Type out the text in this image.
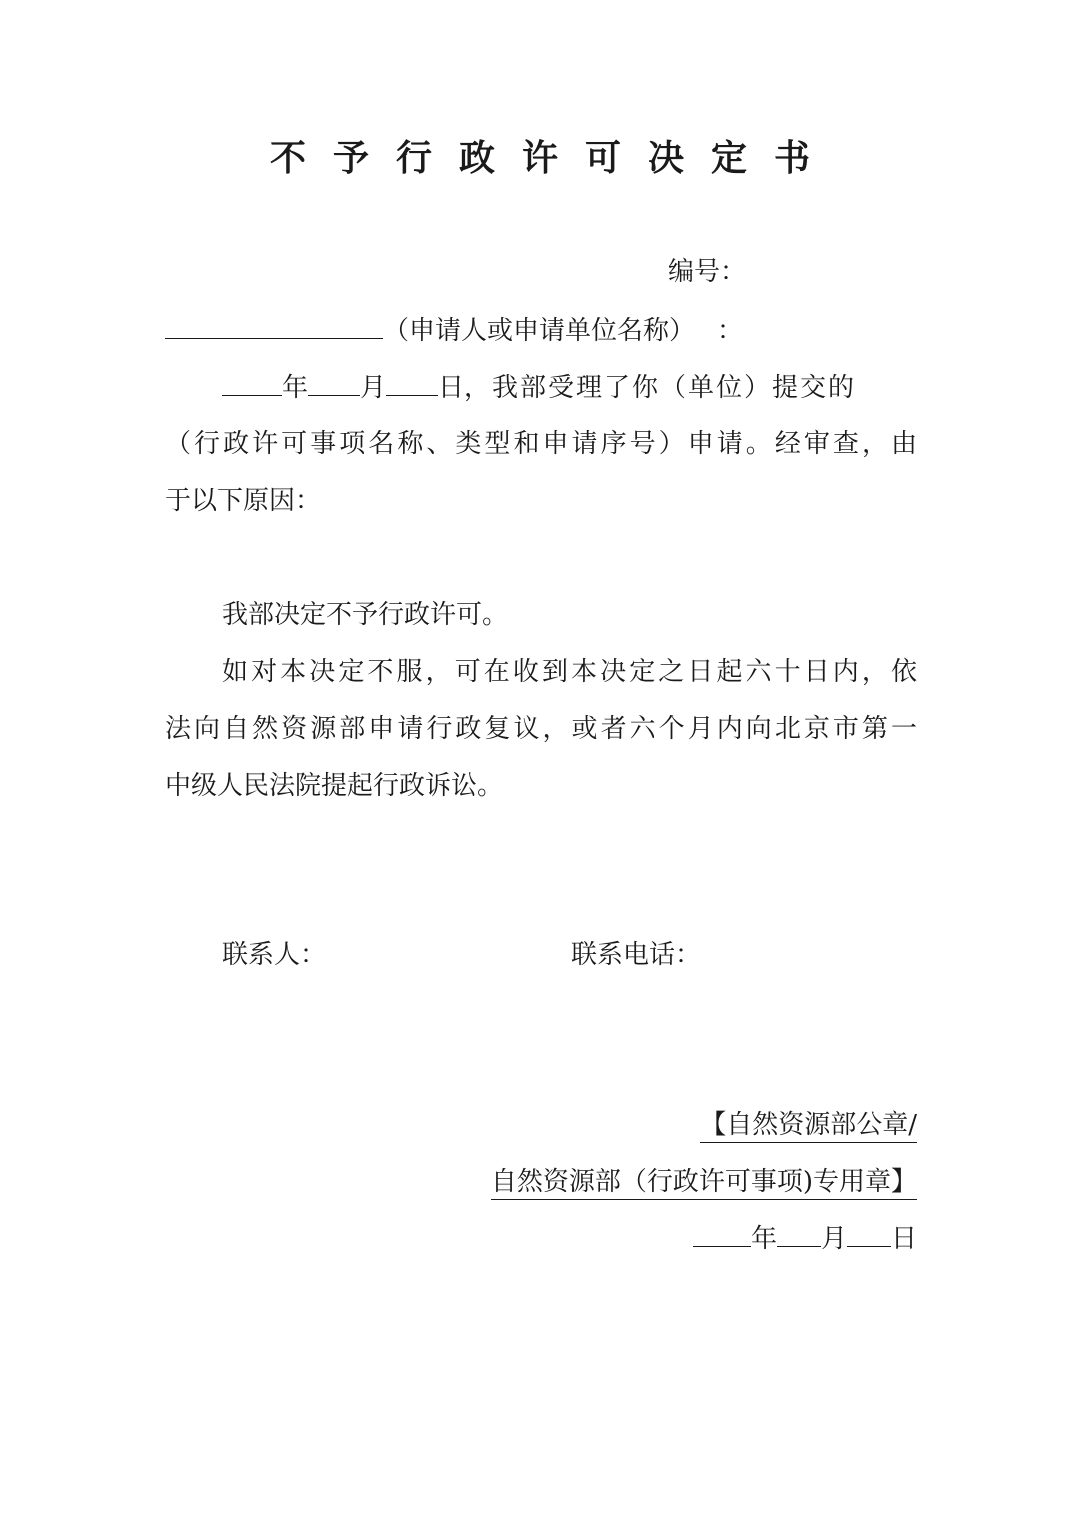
不予行政许可决定书
编号：
（申请人或申请单位名称） ：
年 月 日，我部受理了你（单位）提交的
（行政许可事项名称、类型和申请序号）申请。经审查，由
于以下原因：
我部决定不予行政许可。
如对本决定不服，可在收到本决定之日起六十日内，依
法向自然资源部申请行政复议，或者六个月内向北京市第一
中级人民法院提起行政诉讼。
联系人：	联系电话：
【自然资源部公章/
自然资源部（行政许可事项)专用章】
年 月 日
